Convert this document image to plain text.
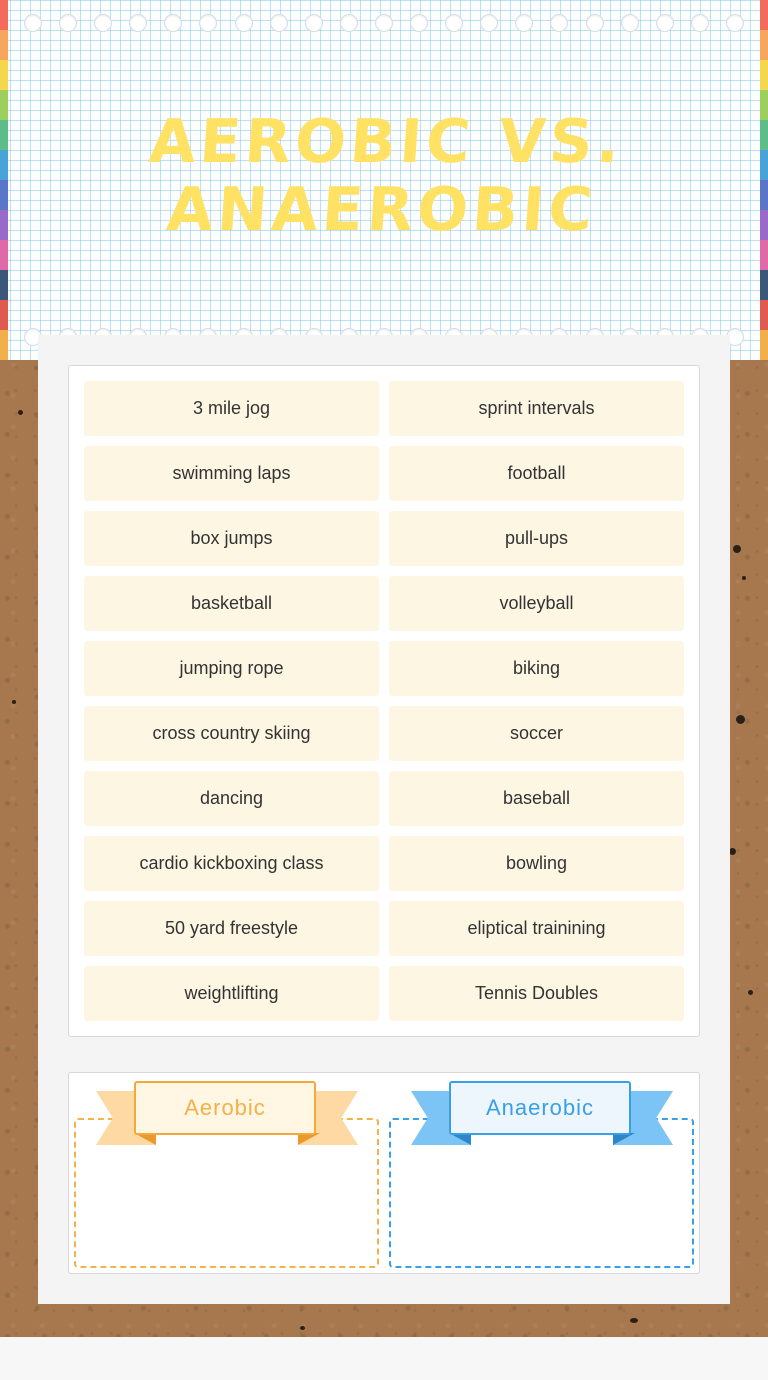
AEROBIC VS. ANAEROBIC
3 mile jog	sprint intervals
swimming laps	football
box jumps	pull-ups
basketball	volleyball
jumping rope	biking
cross country skiing	soccer
dancing	baseball
cardio kickboxing class	bowling
50 yard freestyle	eliptical trainining
weightlifting	Tennis Doubles
Aerobic	Anaerobic
